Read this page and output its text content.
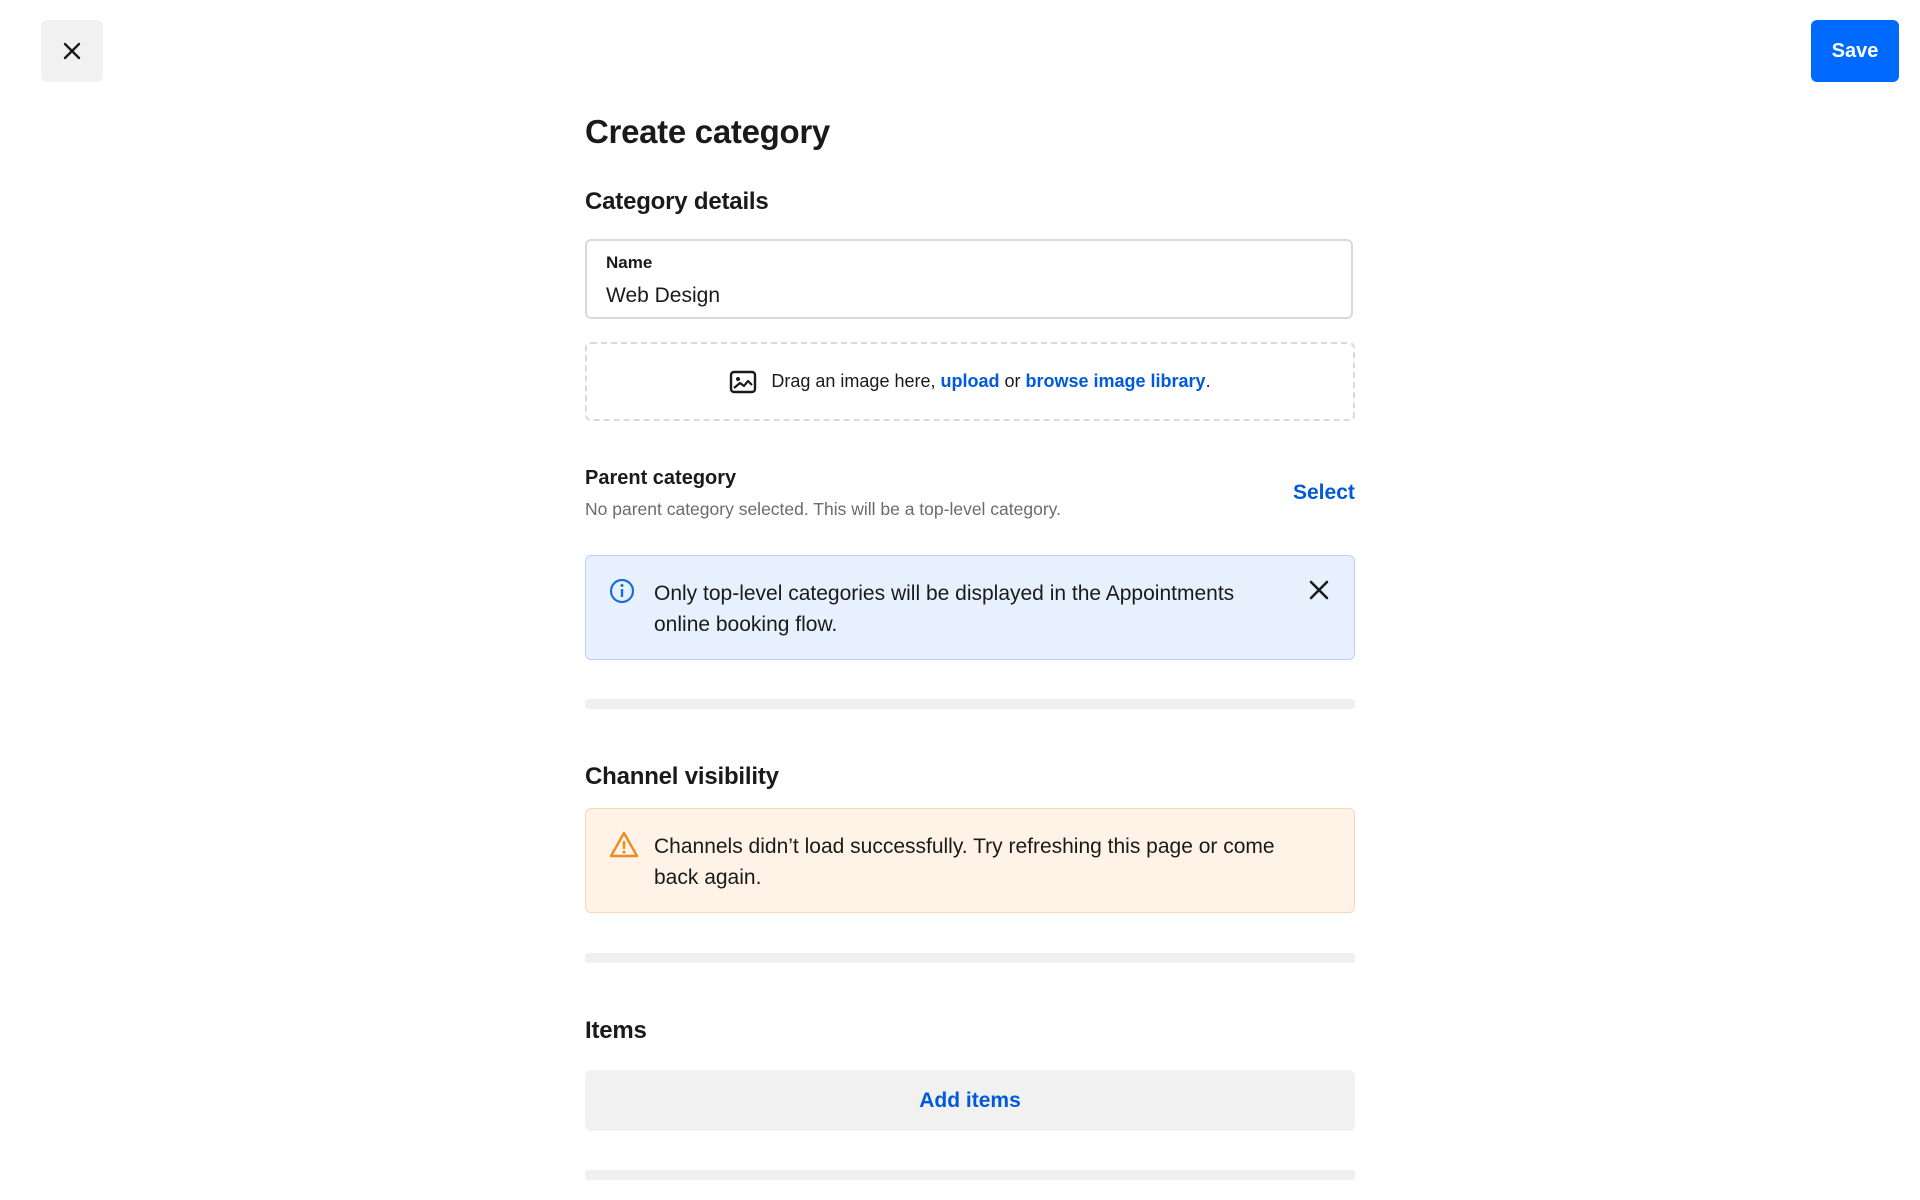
Save
Create category
Category details
Name
Web Design
Drag an image here, upload or browse image library .
Parent category
No parent category selected. This will be a top-level category.
Select
Only top-level categories will be displayed in the Appointments online booking flow.
Channel visibility
Channels didn’t load successfully. Try refreshing this page or come back again.
Items
Add items
